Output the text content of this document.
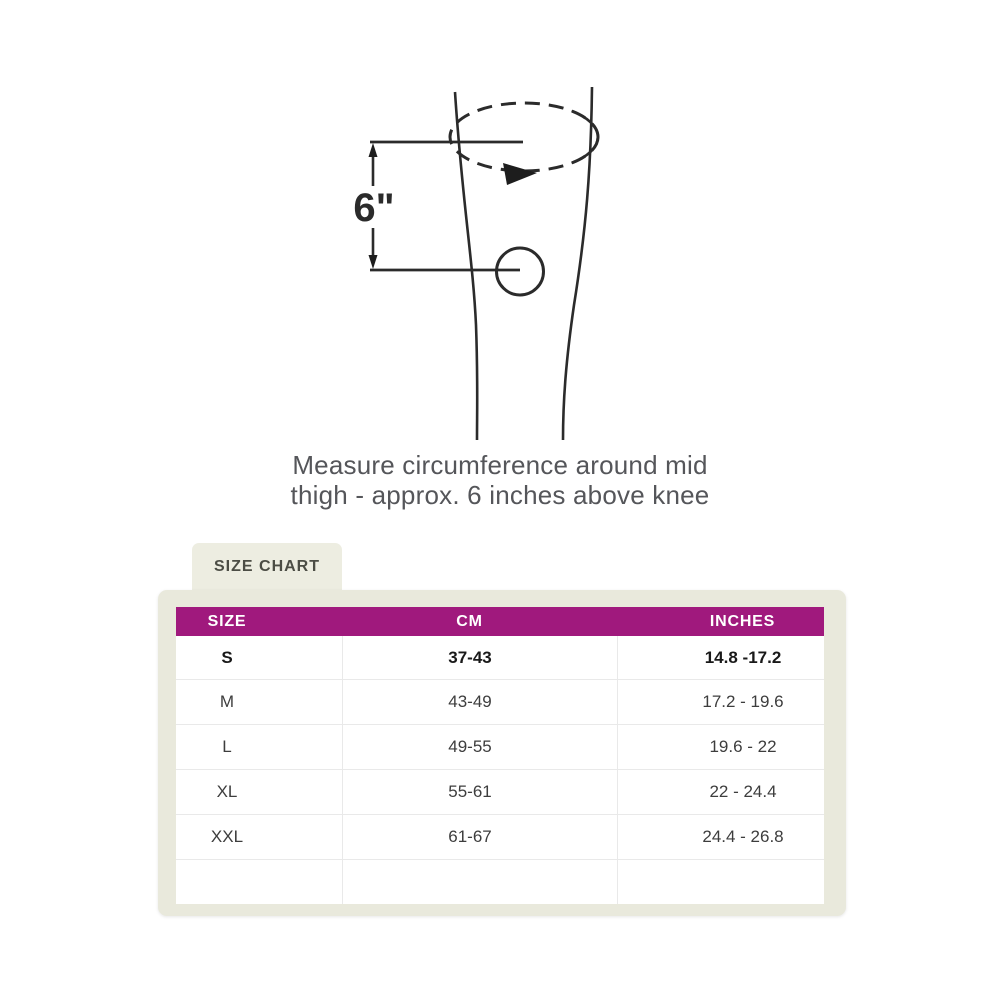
6"
Measure circumference around mid
thigh - approx. 6 inches above knee
SIZE CHART
SIZE	CM	INCHES
S	37-43	14.8 -17.2
M	43-49	17.2 - 19.6
L	49-55	19.6 - 22
XL	55-61	22 - 24.4
XXL	61-67	24.4 - 26.8
